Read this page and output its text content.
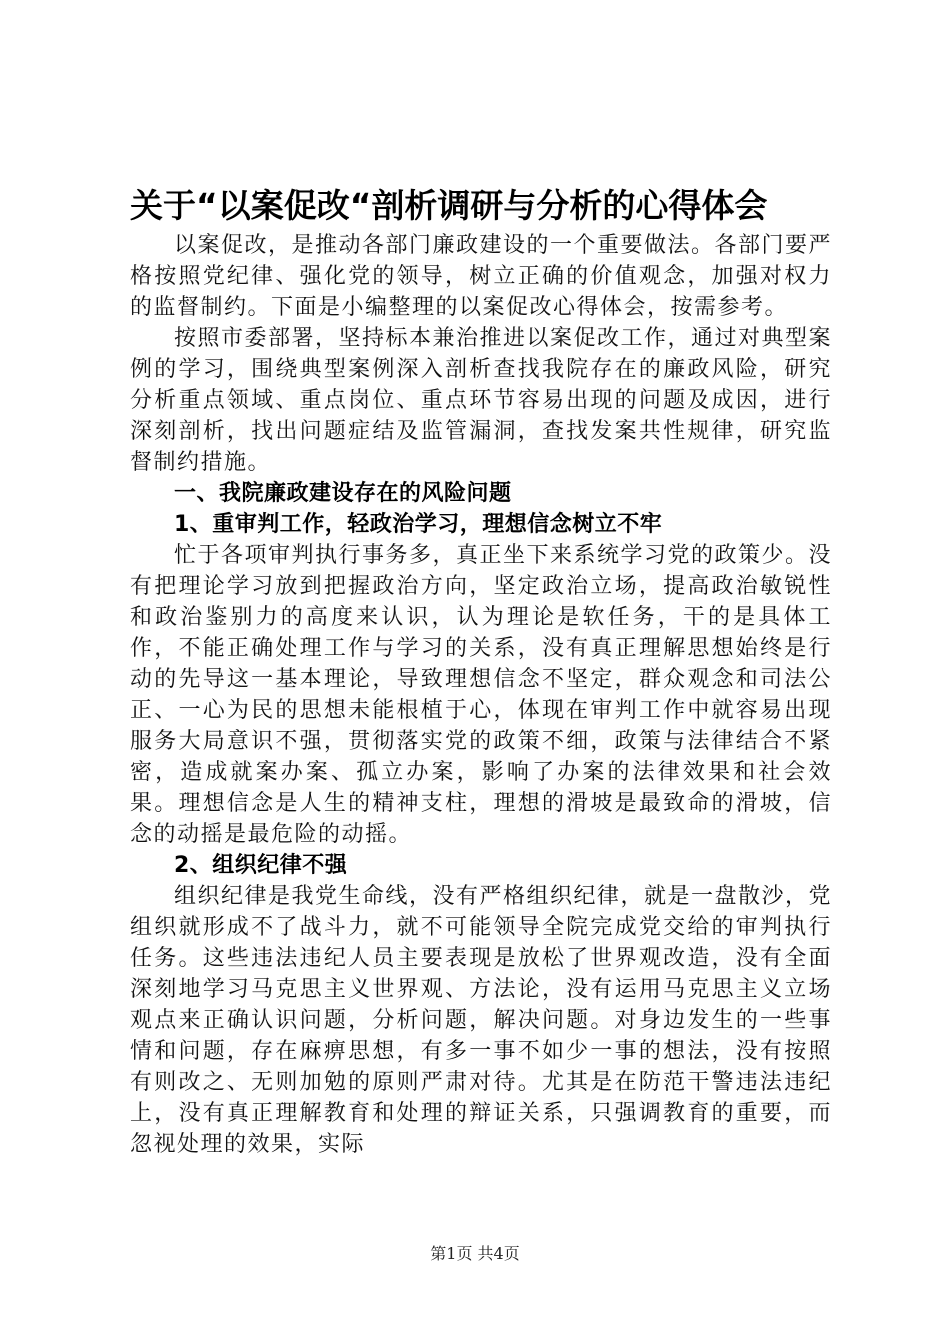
关于“以案促改“剖析调研与分析的心得体会

以案促改，是推动各部门廉政建设的一个重要做法。各部门要严格按照党纪律、强化党的领导，树立正确的价值观念，加强对权力的监督制约。下面是小编整理的以案促改心得体会，按需参考。

按照市委部署，坚持标本兼治推进以案促改工作，通过对典型案例的学习，围绕典型案例深入剖析查找我院存在的廉政风险，研究分析重点领域、重点岗位、重点环节容易出现的问题及成因，进行深刻剖析，找出问题症结及监管漏洞，查找发案共性规律，研究监督制约措施。

一、我院廉政建设存在的风险问题

1、重审判工作，轻政治学习，理想信念树立不牢

忙于各项审判执行事务多，真正坐下来系统学习党的政策少。没有把理论学习放到把握政治方向，坚定政治立场，提高政治敏锐性和政治鉴别力的高度来认识，认为理论是软任务，干的是具体工作，不能正确处理工作与学习的关系，没有真正理解思想始终是行动的先导这一基本理论，导致理想信念不坚定，群众观念和司法公正、一心为民的思想未能根植于心，体现在审判工作中就容易出现服务大局意识不强，贯彻落实党的政策不细，政策与法律结合不紧密，造成就案办案、孤立办案，影响了办案的法律效果和社会效果。理想信念是人生的精神支柱，理想的滑坡是最致命的滑坡，信念的动摇是最危险的动摇。

2、组织纪律不强

组织纪律是我党生命线，没有严格组织纪律，就是一盘散沙，党组织就形成不了战斗力，就不可能领导全院完成党交给的审判执行任务。这些违法违纪人员主要表现是放松了世界观改造，没有全面深刻地学习马克思主义世界观、方法论，没有运用马克思主义立场观点来正确认识问题，分析问题，解决问题。对身边发生的一些事情和问题，存在麻痹思想，有多一事不如少一事的想法，没有按照有则改之、无则加勉的原则严肃对待。尤其是在防范干警违法违纪上，没有真正理解教育和处理的辩证关系，只强调教育的重要，而忽视处理的效果，实际

第1页 共4页
